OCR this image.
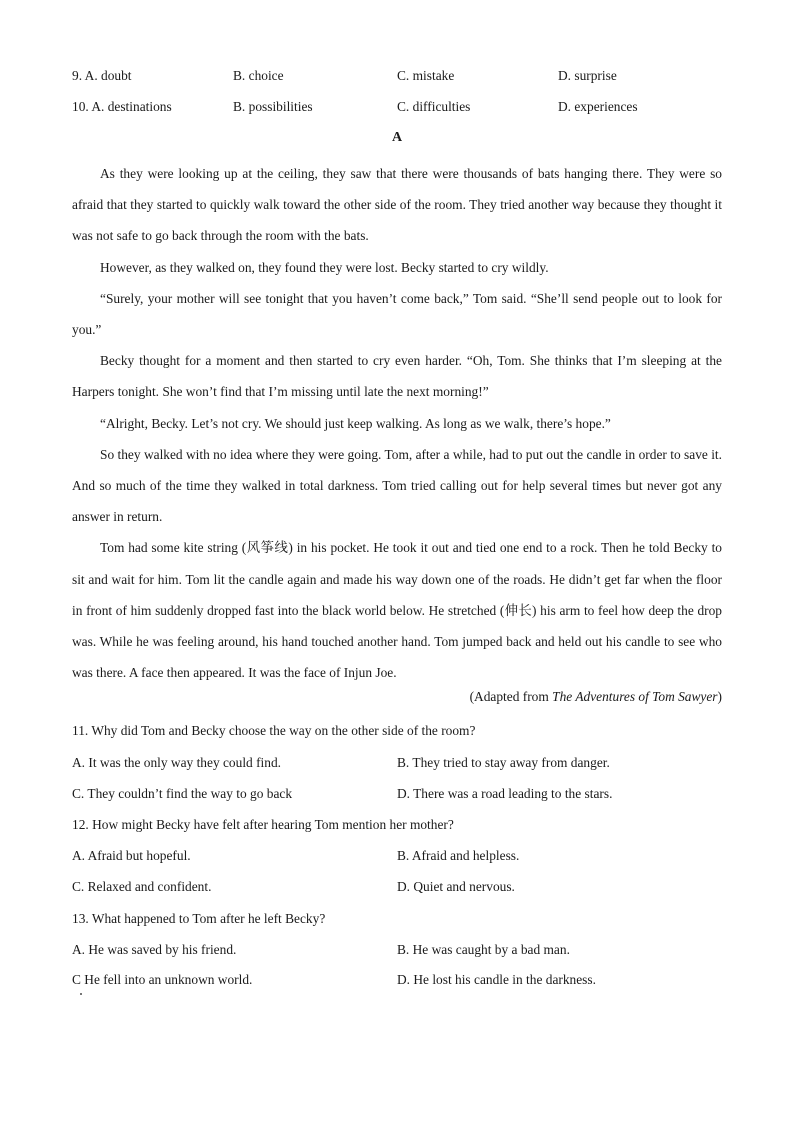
9. A. doubt	B. choice	C. mistake	D. surprise
10. A. destinations	B. possibilities	C. difficulties	D. experiences
A

As they were looking up at the ceiling, they saw that there were thousands of bats hanging there. They were so afraid that they started to quickly walk toward the other side of the room. They tried another way because they thought it was not safe to go back through the room with the bats.

However, as they walked on, they found they were lost. Becky started to cry wildly.

“Surely, your mother will see tonight that you haven’t come back,” Tom said. “She’ll send people out to look for you.”

Becky thought for a moment and then started to cry even harder. “Oh, Tom. She thinks that I’m sleeping at the Harpers tonight. She won’t find that I’m missing until late the next morning!”

“Alright, Becky. Let’s not cry. We should just keep walking. As long as we walk, there’s hope.”

So they walked with no idea where they were going. Tom, after a while, had to put out the candle in order to save it. And so much of the time they walked in total darkness. Tom tried calling out for help several times but never got any answer in return.

Tom had some kite string (风筝线) in his pocket. He took it out and tied one end to a rock. Then he told Becky to sit and wait for him. Tom lit the candle again and made his way down one of the roads. He didn’t get far when the floor in front of him suddenly dropped fast into the black world below. He stretched (伸长) his arm to feel how deep the drop was. While he was feeling around, his hand touched another hand. Tom jumped back and held out his candle to see who was there. A face then appeared. It was the face of Injun Joe.

(Adapted from The Adventures of Tom Sawyer)
11. Why did Tom and Becky choose the way on the other side of the room?
A. It was the only way they could find.	B. They tried to stay away from danger.
C. They couldn’t find the way to go back	D. There was a road leading to the stars.
12. How might Becky have felt after hearing Tom mention her mother?
A. Afraid but hopeful.	B. Afraid and helpless.
C. Relaxed and confident.	D. Quiet and nervous.
13. What happened to Tom after he left Becky?
A. He was saved by his friend.	B. He was caught by a bad man.
C He fell into an unknown world.	D. He lost his candle in the darkness.
